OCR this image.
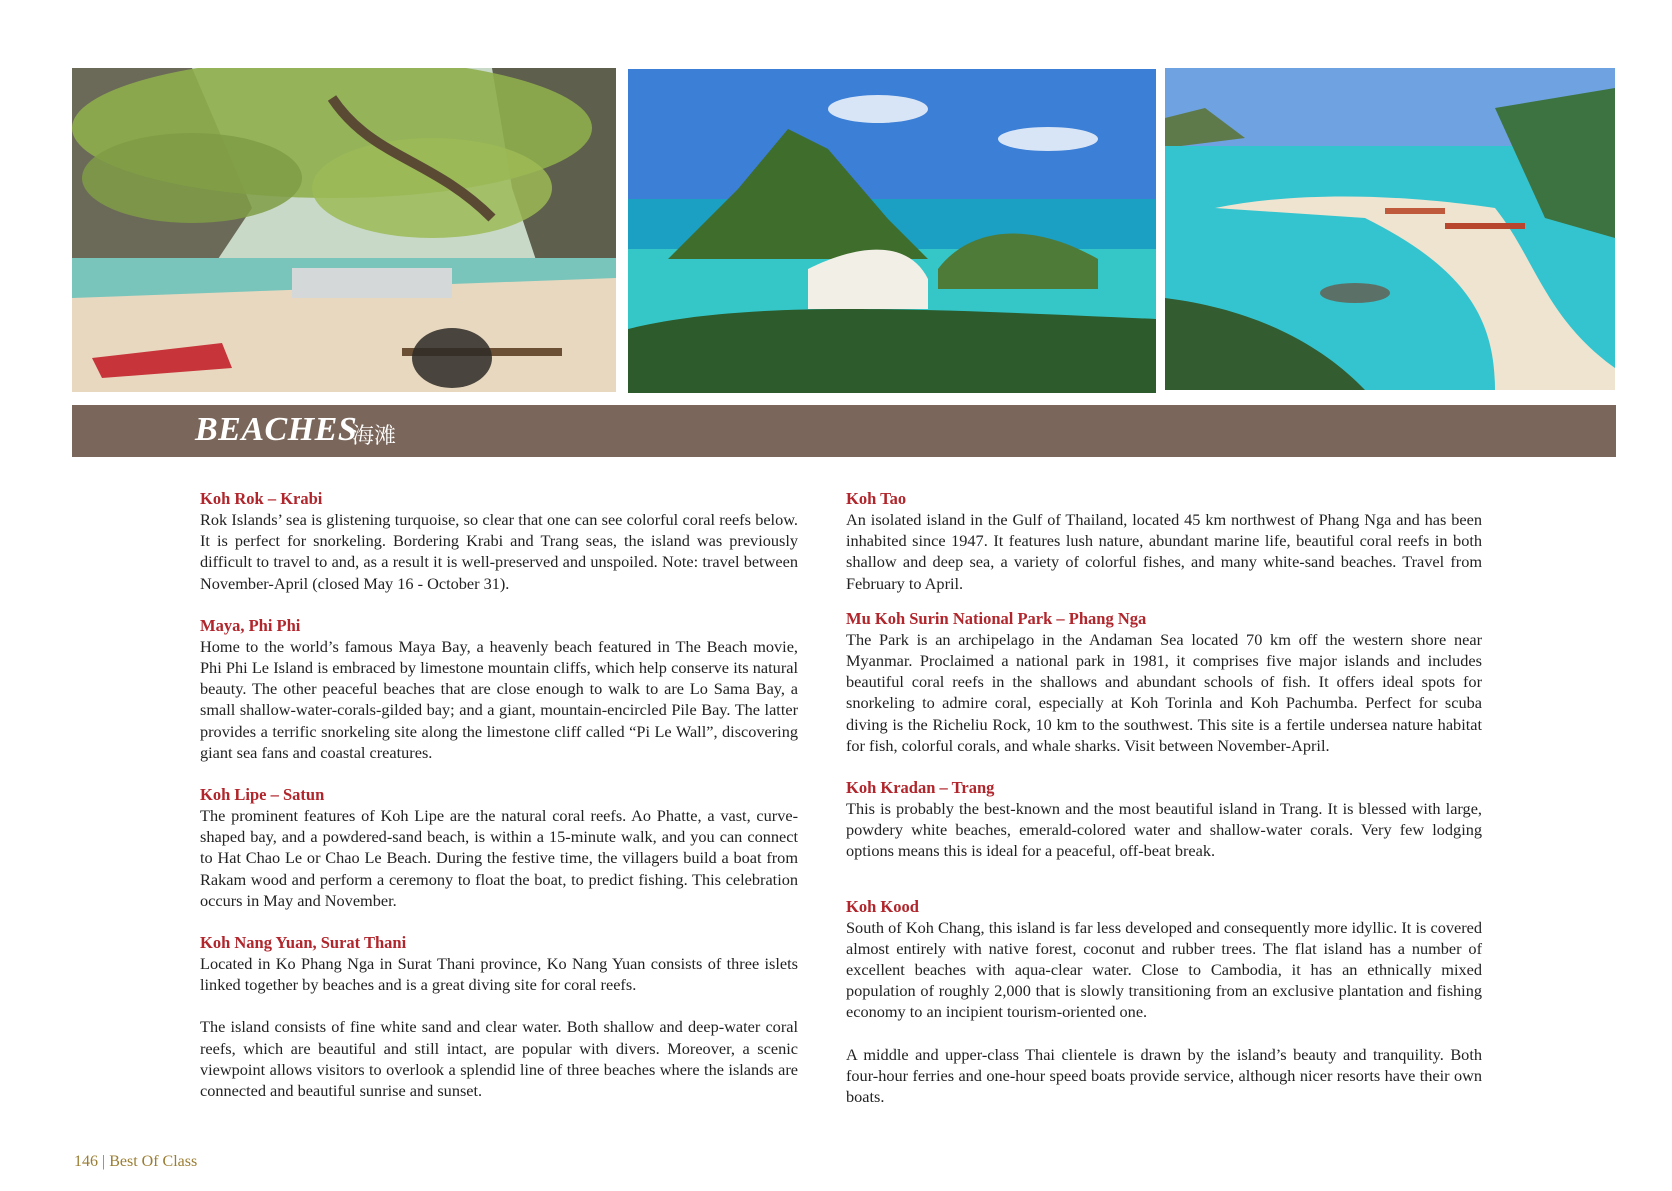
BEACHES
海滩
Koh Rok – Krabi

Rok Islands’ sea is glistening turquoise, so clear that one can see colorful coral reefs below. It is perfect for snorkeling. Bordering Krabi and Trang seas, the island was previously difficult to travel to and, as a result it is well-preserved and unspoiled. Note: travel between November-April (closed May 16 - October 31).

Maya, Phi Phi

Home to the world’s famous Maya Bay, a heavenly beach featured in The Beach movie, Phi Phi Le Island is embraced by limestone mountain cliffs, which help conserve its natural beauty. The other peaceful beaches that are close enough to walk to are Lo Sama Bay, a small shallow-water-corals-gilded bay; and a giant, mountain-encircled Pile Bay. The latter provides a terrific snorkeling site along the limestone cliff called “Pi Le Wall”, discovering giant sea fans and coastal creatures.

Koh Lipe – Satun

The prominent features of Koh Lipe are the natural coral reefs. Ao Phatte, a vast, curve-shaped bay, and a powdered-sand beach, is within a 15-minute walk, and you can connect to Hat Chao Le or Chao Le Beach. During the festive time, the villagers build a boat from Rakam wood and perform a ceremony to float the boat, to predict fishing. This celebration occurs in May and November.

Koh Nang Yuan, Surat Thani

Located in Ko Phang Nga in Surat Thani province, Ko Nang Yuan consists of three islets linked together by beaches and is a great diving site for coral reefs.

The island consists of fine white sand and clear water. Both shallow and deep-water coral reefs, which are beautiful and still intact, are popular with divers. Moreover, a scenic viewpoint allows visitors to overlook a splendid line of three beaches where the islands are connected and beautiful sunrise and sunset.

Koh Tao

An isolated island in the Gulf of Thailand, located 45 km northwest of Phang Nga and has been inhabited since 1947. It features lush nature, abundant marine life, beautiful coral reefs in both shallow and deep sea, a variety of colorful fishes, and many white-sand beaches. Travel from February to April.

Mu Koh Surin National Park – Phang Nga

The Park is an archipelago in the Andaman Sea located 70 km off the western shore near Myanmar. Proclaimed a national park in 1981, it comprises five major islands and includes beautiful coral reefs in the shallows and abundant schools of fish. It offers ideal spots for snorkeling to admire coral, especially at Koh Torinla and Koh Pachumba. Perfect for scuba diving is the Richeliu Rock, 10 km to the southwest. This site is a fertile undersea nature habitat for fish, colorful corals, and whale sharks. Visit between November-April.

Koh Kradan – Trang

This is probably the best-known and the most beautiful island in Trang. It is blessed with large, powdery white beaches, emerald-colored water and shallow-water corals. Very few lodging options means this is ideal for a peaceful, off-beat break.

Koh Kood

South of Koh Chang, this island is far less developed and consequently more idyllic. It is covered almost entirely with native forest, coconut and rubber trees. The flat island has a number of excellent beaches with aqua-clear water. Close to Cambodia, it has an ethnically mixed population of roughly 2,000 that is slowly transitioning from an exclusive plantation and fishing economy to an incipient tourism-oriented one.

A middle and upper-class Thai clientele is drawn by the island’s beauty and tranquility. Both four-hour ferries and one-hour speed boats provide service, although nicer resorts have their own boats.

146 | Best Of Class
